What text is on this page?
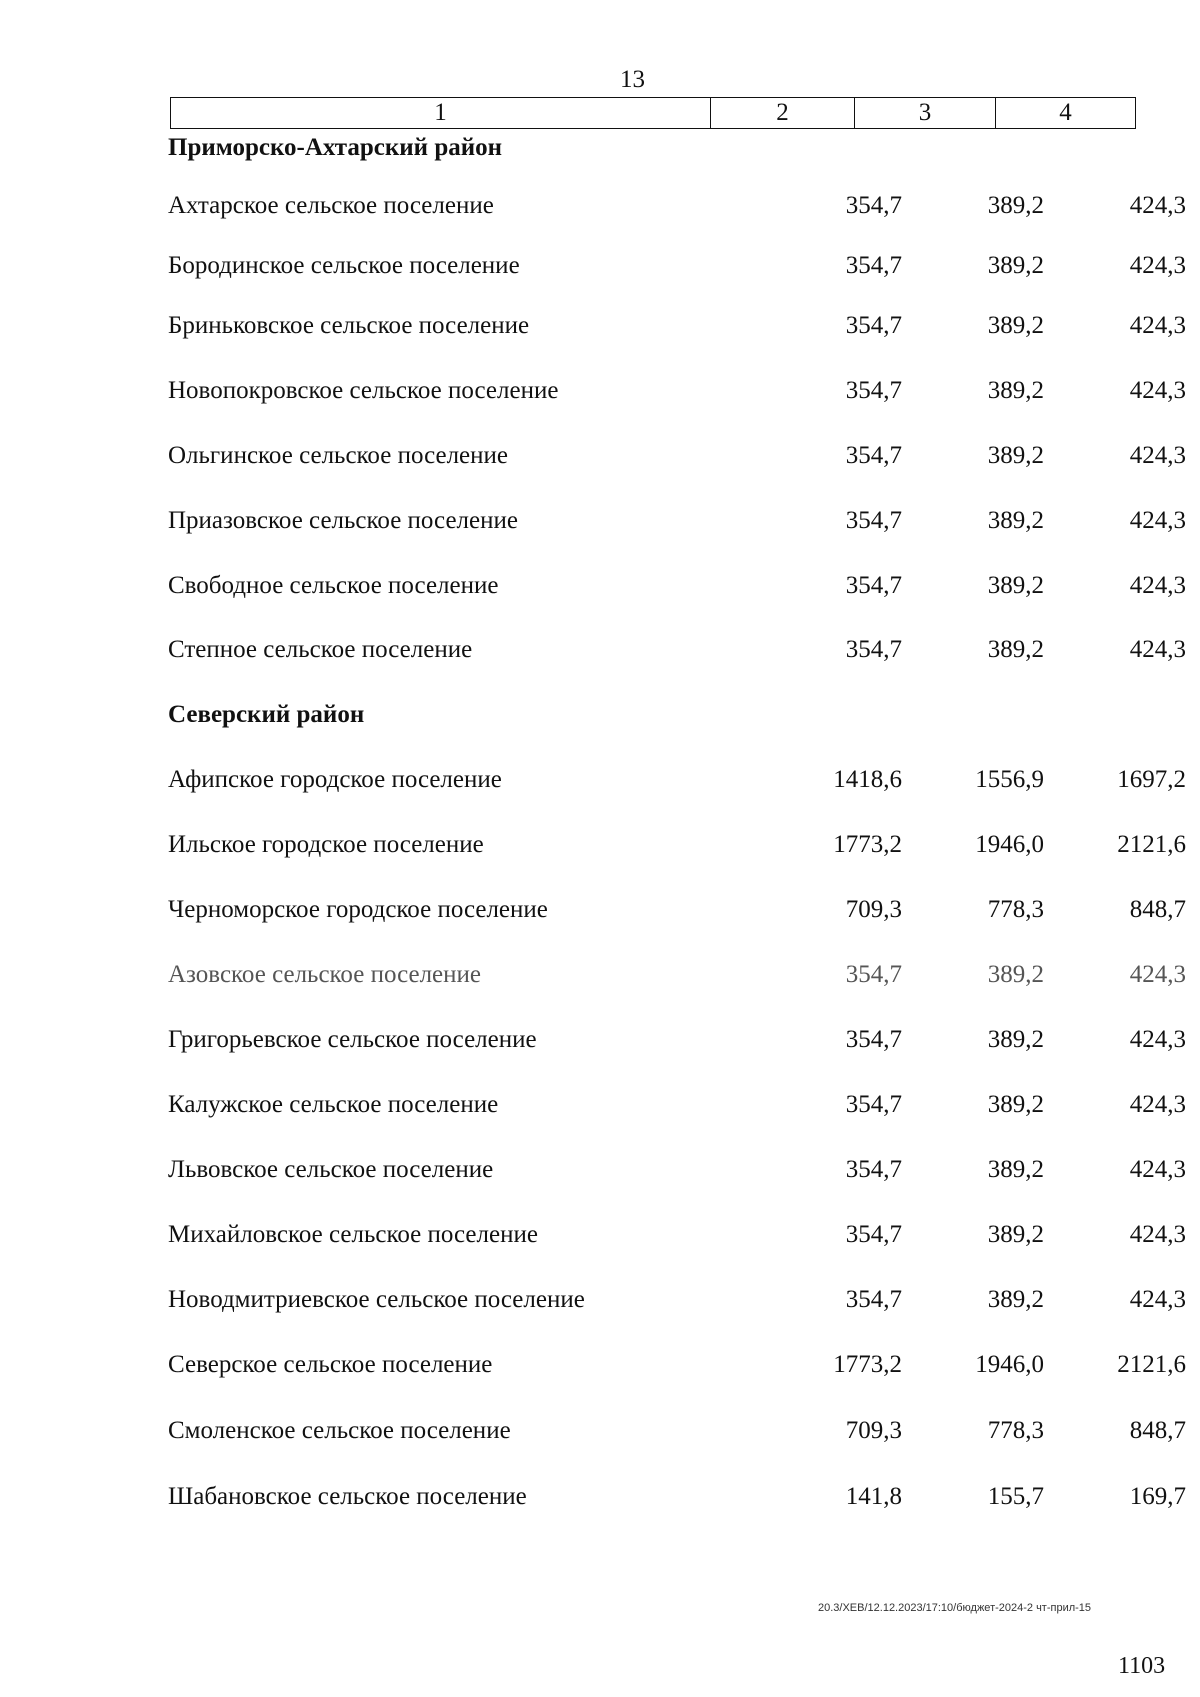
13
1	2	3	4
Приморско-Ахтарский район
Ахтарское сельское поселение	354,7	389,2	424,3
Бородинское сельское поселение	354,7	389,2	424,3
Бриньковское сельское поселение	354,7	389,2	424,3
Новопокровское сельское поселение	354,7	389,2	424,3
Ольгинское сельское поселение	354,7	389,2	424,3
Приазовское сельское поселение	354,7	389,2	424,3
Свободное сельское поселение	354,7	389,2	424,3
Степное сельское поселение	354,7	389,2	424,3
Северский район
Афипское городское поселение	1418,6	1556,9	1697,2
Ильское городское поселение	1773,2	1946,0	2121,6
Черноморское городское поселение	709,3	778,3	848,7
Азовское сельское поселение	354,7	389,2	424,3
Григорьевское сельское поселение	354,7	389,2	424,3
Калужское сельское поселение	354,7	389,2	424,3
Львовское сельское поселение	354,7	389,2	424,3
Михайловское сельское поселение	354,7	389,2	424,3
Новодмитриевское сельское поселение	354,7	389,2	424,3
Северское сельское поселение	1773,2	1946,0	2121,6
Смоленское сельское поселение	709,3	778,3	848,7
Шабановское сельское поселение	141,8	155,7	169,7
20.3/ХЕВ/12.12.2023/17:10/бюджет-2024-2 чт-прил-15
1103
